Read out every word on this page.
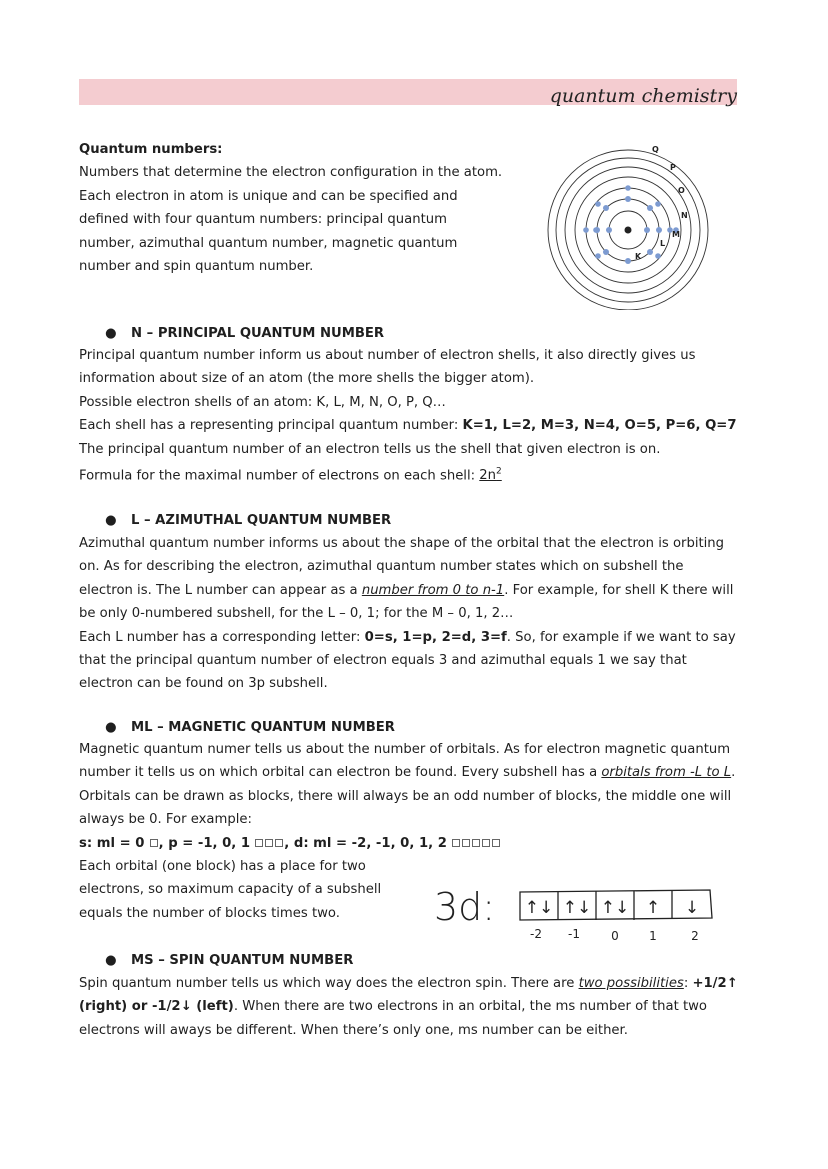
quantum chemistry
Quantum numbers:
Numbers that determine the electron configuration in the atom.
Each electron in atom is unique and can be specified and
defined with four quantum numbers: principal quantum
number, azimuthal quantum number, magnetic quantum
number and spin quantum number.
K
L
M
N
O
P
Q
● N – PRINCIPAL QUANTUM NUMBER

Principal quantum number inform us about number of electron shells, it also directly gives us

information about size of an atom (the more shells the bigger atom).

Possible electron shells of an atom: K, L, M, N, O, P, Q…

Each shell has a representing principal quantum number: K=1, L=2, M=3, N=4, O=5, P=6, Q=7

The principal quantum number of an electron tells us the shell that given electron is on.

Formula for the maximal number of electrons on each shell: $2n^2$

● L – AZIMUTHAL QUANTUM NUMBER

Azimuthal quantum number informs us about the shape of the orbital that the electron is orbiting

on. As for describing the electron, azimuthal quantum number states which on subshell the

electron is. The L number can appear as a number from 0 to n-1. For example, for shell K there will

be only 0-numbered subshell, for the L – 0, 1; for the M – 0, 1, 2…

Each L number has a corresponding letter: 0=s, 1=p, 2=d, 3=f. So, for example if we want to say

that the principal quantum number of electron equals 3 and azimuthal equals 1 we say that

electron can be found on 3p subshell.

● ML – MAGNETIC QUANTUM NUMBER

Magnetic quantum numer tells us about the number of orbitals. As for electron magnetic quantum

number it tells us on which orbital can electron be found. Every subshell has a orbitals from -L to L.

Orbitals can be drawn as blocks, there will always be an odd number of blocks, the middle one will

always be 0. For example:

s: ml = 0 , p = -1, 0, 1	, d: ml = -2, -1, 0, 1, 2

Each orbital (one block) has a place for two

electrons, so maximum capacity of a subshell

equals the number of blocks times two.	3d: ↑↓ ↑↓ ↑↓ ↑ ↓
-2 -1	0	1	2
● MS – SPIN QUANTUM NUMBER

Spin quantum number tells us which way does the electron spin. There are two possibilities: +1/2↑

(right) or -1/2↓ (left). When there are two electrons in an orbital, the ms number of that two

electrons will aways be different. When there’s only one, ms number can be either.
